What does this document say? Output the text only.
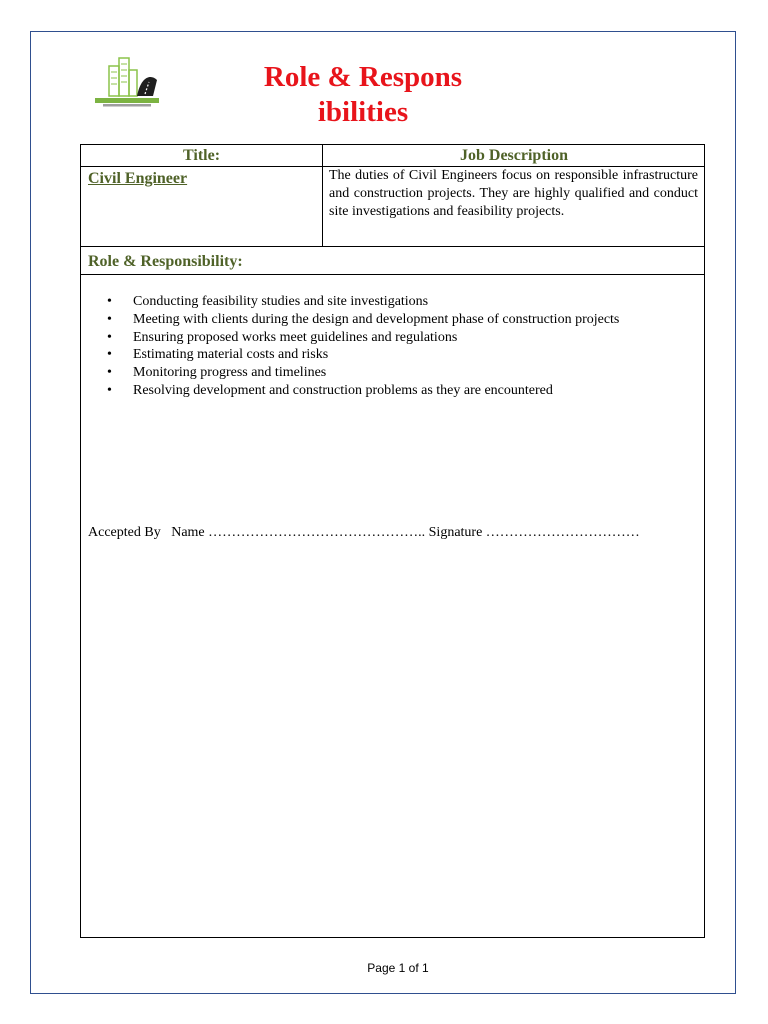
Role & Responsibilities
Title:	Job Description
Civil Engineer	The duties of Civil Engineers focus on responsible infrastructure and construction projects. They are highly qualified and conduct site investigations and feasibility projects.
Role & Responsibility:
• Conducting feasibility studies and site investigations
• Meeting with clients during the design and development phase of construction projects
• Ensuring proposed works meet guidelines and regulations
• Estimating material costs and risks
• Monitoring progress and timelines
• Resolving development and construction problems as they are encountered
Accepted By Name ……………………………………….. Signature ……………………………
Page 1 of 1
